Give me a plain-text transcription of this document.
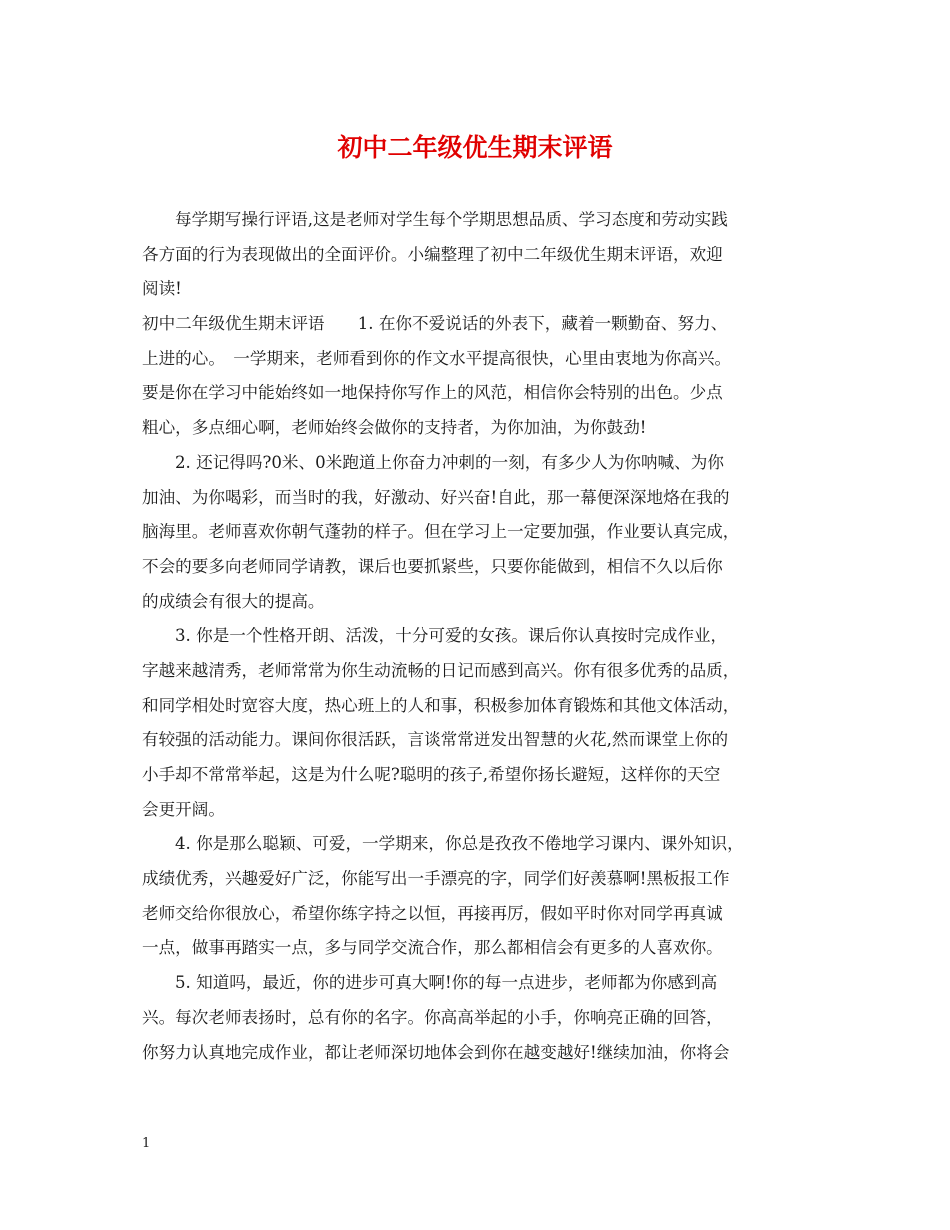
初中二年级优生期末评语
每学期写操行评语,这是老师对学生每个学期思想品质、学习态度和劳动实践
各方面的行为表现做出的全面评价。小编整理了初中二年级优生期末评语，欢迎
阅读!
初中二年级优生期末评语　　1. 在你不爱说话的外表下，藏着一颗勤奋、努力、
上进的心。　一学期来，老师看到你的作文水平提高很快，心里由衷地为你高兴。
要是你在学习中能始终如一地保持你写作上的风范，相信你会特别的出色。少点
粗心，多点细心啊，老师始终会做你的支持者，为你加油，为你鼓劲!
2. 还记得吗?0米、0米跑道上你奋力冲刺的一刻，有多少人为你呐喊、为你
加油、为你喝彩，而当时的我，好激动、好兴奋!自此，那一幕便深深地烙在我的
脑海里。老师喜欢你朝气蓬勃的样子。但在学习上一定要加强，作业要认真完成，
不会的要多向老师同学请教，课后也要抓紧些，只要你能做到，相信不久以后你
的成绩会有很大的提高。
3. 你是一个性格开朗、活泼，十分可爱的女孩。课后你认真按时完成作业，
字越来越清秀，老师常常为你生动流畅的日记而感到高兴。你有很多优秀的品质，
和同学相处时宽容大度，热心班上的人和事，积极参加体育锻炼和其他文体活动，
有较强的活动能力。课间你很活跃，言谈常常迸发出智慧的火花,然而课堂上你的
小手却不常常举起，这是为什么呢?聪明的孩子,希望你扬长避短，这样你的天空
会更开阔。
4. 你是那么聪颖、可爱，一学期来，你总是孜孜不倦地学习课内、课外知识，
成绩优秀，兴趣爱好广泛，你能写出一手漂亮的字，同学们好羡慕啊!黑板报工作
老师交给你很放心，希望你练字持之以恒，再接再厉，假如平时你对同学再真诚
一点，做事再踏实一点，多与同学交流合作，那么都相信会有更多的人喜欢你。
5. 知道吗，最近，你的进步可真大啊!你的每一点进步，老师都为你感到高
兴。每次老师表扬时，总有你的名字。你高高举起的小手，你响亮正确的回答，
你努力认真地完成作业，都让老师深切地体会到你在越变越好!继续加油，你将会
1
